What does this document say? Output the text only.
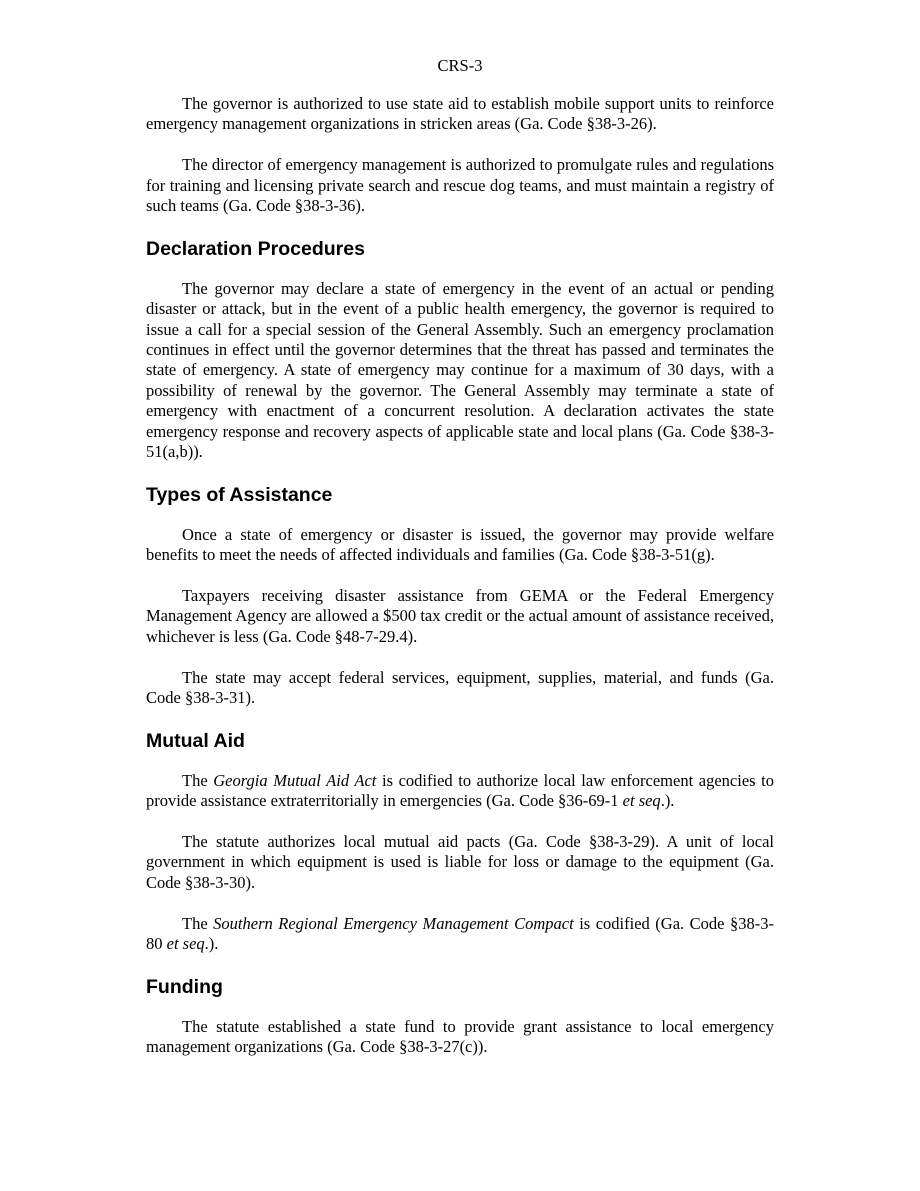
CRS-3

The governor is authorized to use state aid to establish mobile support units to reinforce emergency management organizations in stricken areas (Ga. Code §38-3-26).

The director of emergency management is authorized to promulgate rules and regulations for training and licensing private search and rescue dog teams, and must maintain a registry of such teams (Ga. Code §38-3-36).

Declaration Procedures

The governor may declare a state of emergency in the event of an actual or pending disaster or attack, but in the event of a public health emergency, the governor is required to issue a call for a special session of the General Assembly. Such an emergency proclamation continues in effect until the governor determines that the threat has passed and terminates the state of emergency. A state of emergency may continue for a maximum of 30 days, with a possibility of renewal by the governor. The General Assembly may terminate a state of emergency with enactment of a concurrent resolution. A declaration activates the state emergency response and recovery aspects of applicable state and local plans (Ga. Code §38-3-51(a,b)).

Types of Assistance

Once a state of emergency or disaster is issued, the governor may provide welfare benefits to meet the needs of affected individuals and families (Ga. Code §38-3-51(g).

Taxpayers receiving disaster assistance from GEMA or the Federal Emergency Management Agency are allowed a $500 tax credit or the actual amount of assistance received, whichever is less (Ga. Code §48-7-29.4).

The state may accept federal services, equipment, supplies, material, and funds (Ga. Code §38-3-31).

Mutual Aid

The Georgia Mutual Aid Act is codified to authorize local law enforcement agencies to provide assistance extraterritorially in emergencies (Ga. Code §36-69-1 et seq.).

The statute authorizes local mutual aid pacts (Ga. Code §38-3-29). A unit of local government in which equipment is used is liable for loss or damage to the equipment (Ga. Code §38-3-30).

The Southern Regional Emergency Management Compact is codified (Ga. Code §38-3-80 et seq.).

Funding

The statute established a state fund to provide grant assistance to local emergency management organizations (Ga. Code §38-3-27(c)).
